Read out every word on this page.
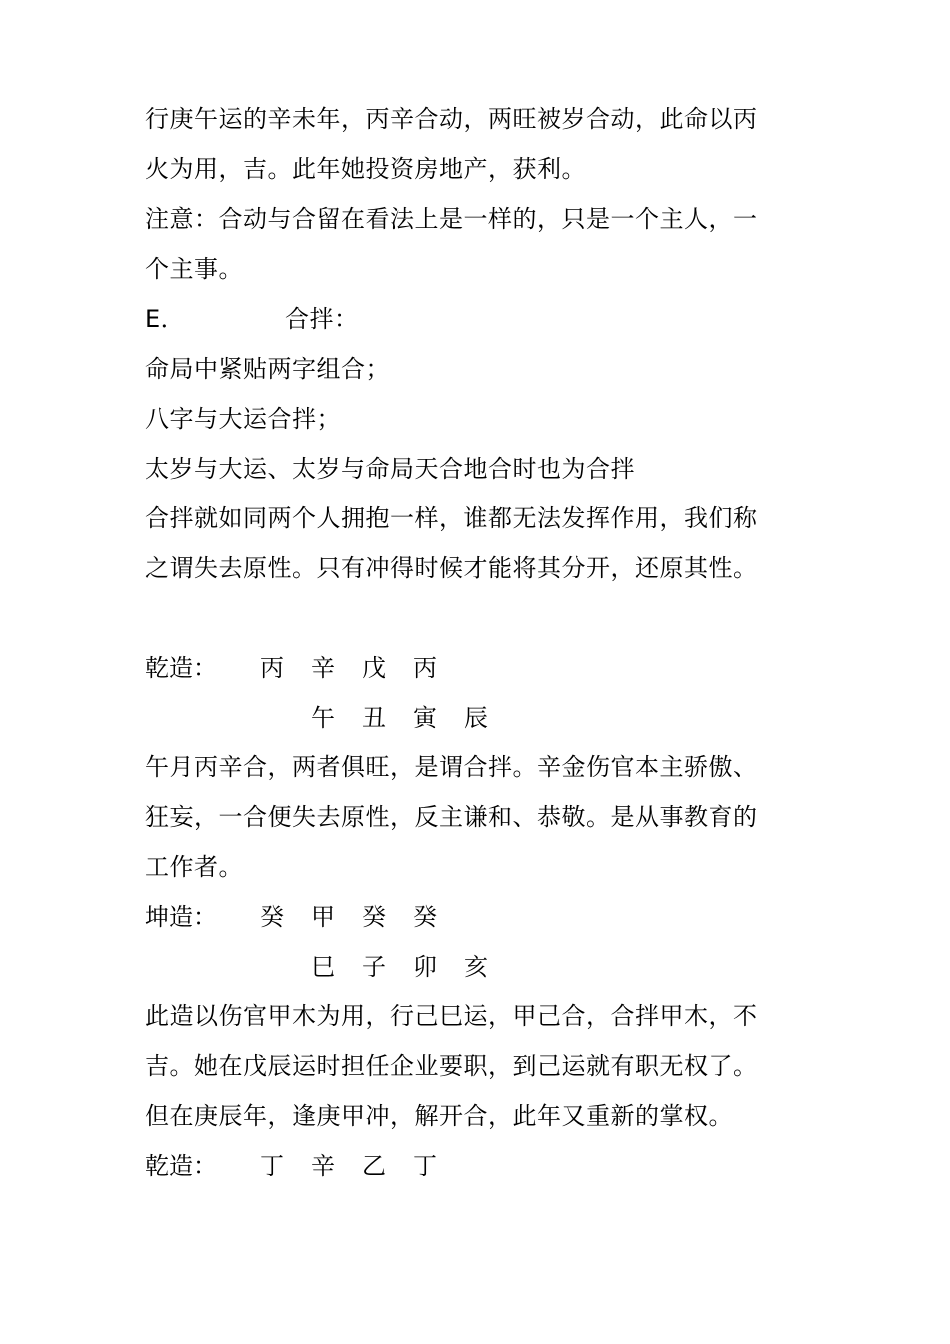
行庚午运的辛未年，丙辛合动，两旺被岁合动，此命以丙
火为用，吉。此年她投资房地产，获利。
注意：合动与合留在看法上是一样的，只是一个主人，一
个主事。
E．	合拌：
命局中紧贴两字组合；
八字与大运合拌；
太岁与大运、太岁与命局天合地合时也为合拌
合拌就如同两个人拥抱一样，谁都无法发挥作用，我们称
之谓失去原性。只有冲得时候才能将其分开，还原其性。
乾造： 丙 辛 戊 丙
午 丑 寅 辰
午月丙辛合，两者俱旺，是谓合拌。辛金伤官本主骄傲、
狂妄，一合便失去原性，反主谦和、恭敬。是从事教育的
工作者。
坤造： 癸 甲 癸 癸
巳 子 卯 亥
此造以伤官甲木为用，行己巳运，甲己合，合拌甲木，不
吉。她在戊辰运时担任企业要职，到己运就有职无权了。
但在庚辰年，逢庚甲冲，解开合，此年又重新的掌权。
乾造： 丁 辛 乙 丁
